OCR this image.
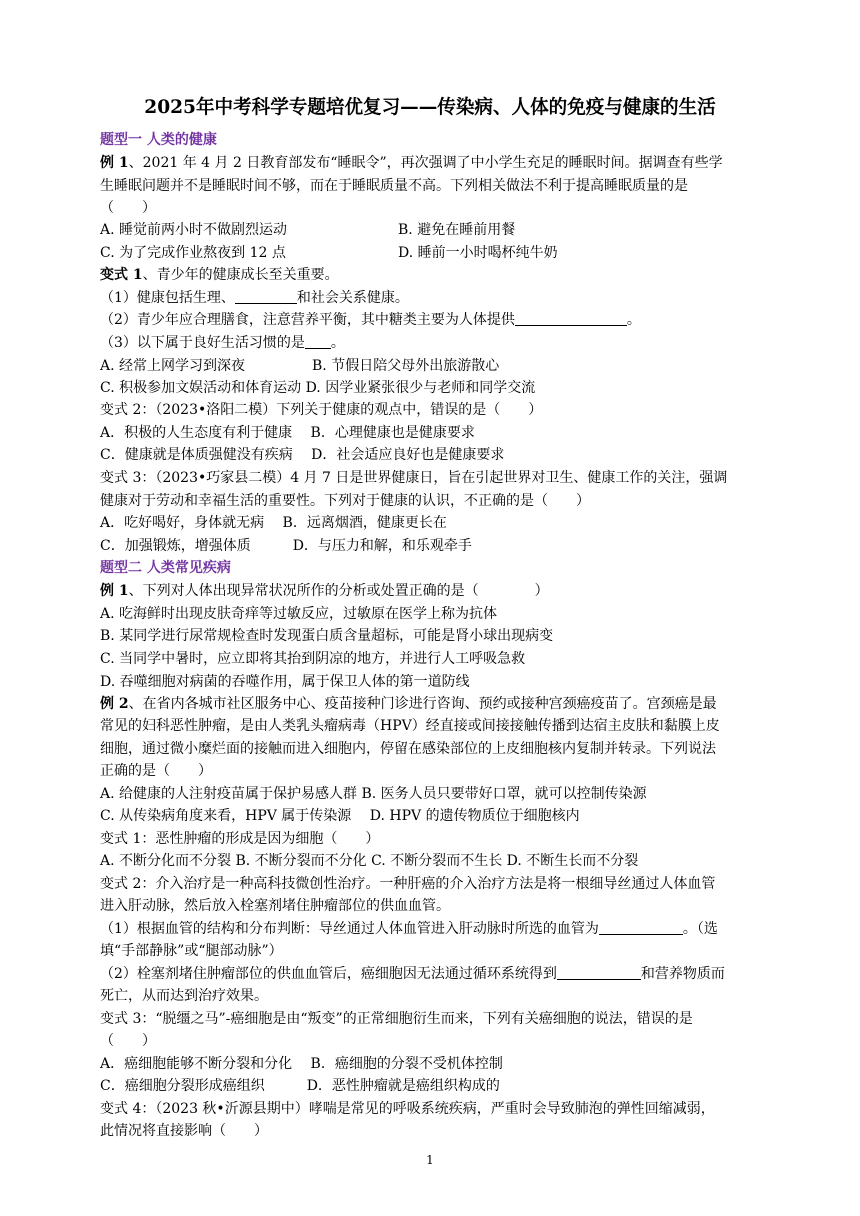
2025年中考科学专题培优复习——传染病、人体的免疫与健康的生活
题型一 人类的健康
例 1、2021 年 4 月 2 日教育部发布“睡眠令”，再次强调了中小学生充足的睡眠时间。据调查有些学
生睡眠问题并不是睡眠时间不够，而在于睡眠质量不高。下列相关做法不利于提高睡眠质量的是
（　　）
A. 睡觉前两小时不做剧烈运动	B. 避免在睡前用餐
C. 为了完成作业熬夜到 12 点	D. 睡前一小时喝杯纯牛奶
变式 1、青少年的健康成长至关重要。
（1）健康包括生理、	和社会关系健康。
（2）青少年应合理膳食，注意营养平衡，其中糖类主要为人体提供	。
（3）以下属于良好生活习惯的是 。
A. 经常上网学习到深夜	B. 节假日陪父母外出旅游散心
C. 积极参加文娱活动和体育运动 D. 因学业紧张很少与老师和同学交流
变式 2：（2023•洛阳二模）下列关于健康的观点中，错误的是（　　）
A．积极的人生态度有利于健康　 B．心理健康也是健康要求
C．健康就是体质强健没有疾病　 D．社会适应良好也是健康要求
变式 3：（2023•巧家县二模）4 月 7 日是世界健康日，旨在引起世界对卫生、健康工作的关注，强调
健康对于劳动和幸福生活的重要性。下列对于健康的认识，不正确的是（　　）
A．吃好喝好，身体就无病　 B．远离烟酒，健康更长在
C．加强锻炼，增强体质　　　D．与压力和解，和乐观牵手
题型二 人类常见疾病
例 1、下列对人体出现异常状况所作的分析或处置正确的是（　　　　）
A. 吃海鲜时出现皮肤奇痒等过敏反应，过敏原在医学上称为抗体
B. 某同学进行尿常规检查时发现蛋白质含量超标，可能是肾小球出现病变
C. 当同学中暑时，应立即将其抬到阴凉的地方，并进行人工呼吸急救
D. 吞噬细胞对病菌的吞噬作用，属于保卫人体的第一道防线
例 2、在省内各城市社区服务中心、疫苗接种门诊进行咨询、预约或接种宫颈癌疫苗了。宫颈癌是最
常见的妇科恶性肿瘤，是由人类乳头瘤病毒（HPV）经直接或间接接触传播到达宿主皮肤和黏膜上皮
细胞，通过微小糜烂面的接触而进入细胞内，停留在感染部位的上皮细胞核内复制并转录。下列说法
正确的是（　　）
A. 给健康的人注射疫苗属于保护易感人群 B. 医务人员只要带好口罩，就可以控制传染源
C. 从传染病角度来看，HPV 属于传染源　 D. HPV 的遗传物质位于细胞核内
变式 1：恶性肿瘤的形成是因为细胞（　　）
A. 不断分化而不分裂 B. 不断分裂而不分化 C. 不断分裂而不生长 D. 不断生长而不分裂
变式 2：介入治疗是一种高科技微创性治疗。一种肝癌的介入治疗方法是将一根细导丝通过人体血管
进入肝动脉，然后放入栓塞剂堵住肿瘤部位的供血血管。
（1）根据血管的结构和分布判断：导丝通过人体血管进入肝动脉时所选的血管为	。（选
填“手部静脉”或“腿部动脉”）
（2）栓塞剂堵住肿瘤部位的供血血管后，癌细胞因无法通过循环系统得到	和营养物质而
死亡，从而达到治疗效果。
变式 3：“脱缰之马”-癌细胞是由“叛变”的正常细胞衍生而来，下列有关癌细胞的说法，错误的是
（　　）
A．癌细胞能够不断分裂和分化　 B．癌细胞的分裂不受机体控制
C．癌细胞分裂形成癌组织　　　D．恶性肿瘤就是癌组织构成的
变式 4：（2023 秋•沂源县期中）哮喘是常见的呼吸系统疾病，严重时会导致肺泡的弹性回缩减弱，
此情况将直接影响（　　）
1
